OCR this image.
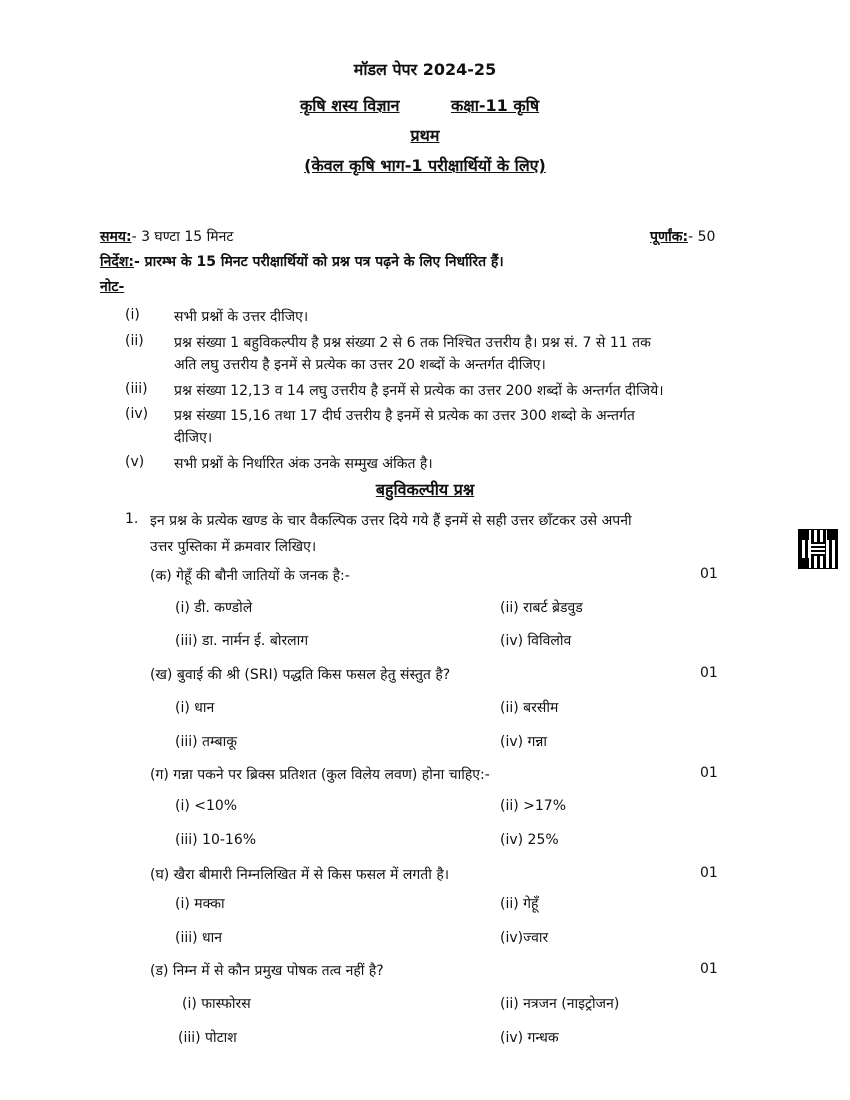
मॉडल पेपर 2024-25
कृषि शस्य विज्ञान	कक्षा-11 कृषि
प्रथम
(केवल कृषि भाग-1 परीक्षार्थियों के लिए)
समय:- 3 घण्टा 15 मिनट	पूर्णांक:- 50
निर्देश:- प्रारम्भ के 15 मिनट परीक्षार्थियों को प्रश्न पत्र पढ़ने के लिए निर्धारित हैं।
नोट-
(i) सभी प्रश्नों के उत्तर दीजिए।
(ii) प्रश्न संख्या 1 बहुविकल्पीय है प्रश्न संख्या 2 से 6 तक निश्चित उत्तरीय है। प्रश्न सं. 7 से 11 तक
अति लघु उत्तरीय है इनमें से प्रत्येक का उत्तर 20 शब्दों के अन्तर्गत दीजिए।
(iii) प्रश्न संख्या 12,13 व 14 लघु उत्तरीय है इनमें से प्रत्येक का उत्तर 200 शब्दों के अन्तर्गत दीजिये।
(iv) प्रश्न संख्या 15,16 तथा 17 दीर्घ उत्तरीय है इनमें से प्रत्येक का उत्तर 300 शब्दो के अन्तर्गत
दीजिए।
(v) सभी प्रश्नों के निर्धारित अंक उनके सम्मुख अंकित है।
बहुविकल्पीय प्रश्न
1. इन प्रश्न के प्रत्येक खण्ड के चार वैकल्पिक उत्तर दिये गये हैं इनमें से सही उत्तर छाँटकर उसे अपनी
उत्तर पुस्तिका में क्रमवार लिखिए।
(क) गेहूँ की बौनी जातियों के जनक है:-	01
(i) डी. कण्डोले	(ii) राबर्ट ब्रेडवुड
(iii) डा. नार्मन ई. बोरलाग	(iv) विविलोव
(ख) बुवाई की श्री (SRI) पद्धति किस फसल हेतु संस्तुत है?	01
(i) धान	(ii) बरसीम
(iii) तम्बाकू	(iv) गन्ना
(ग) गन्ना पकने पर ब्रिक्स प्रतिशत (कुल विलेय लवण) होना चाहिए:-	01
(i) <10%	(ii) >17%
(iii) 10-16%	(iv) 25%
(घ) खैरा बीमारी निम्नलिखित में से किस फसल में लगती है।	01
(i) मक्का	(ii) गेहूँ
(iii) धान	(iv)ज्वार
(ड) निम्न में से कौन प्रमुख पोषक तत्व नहीं है?	01
(i) फास्फोरस	(ii) नत्रजन (नाइट्रोजन)
(iii) पोटाश	(iv) गन्धक
